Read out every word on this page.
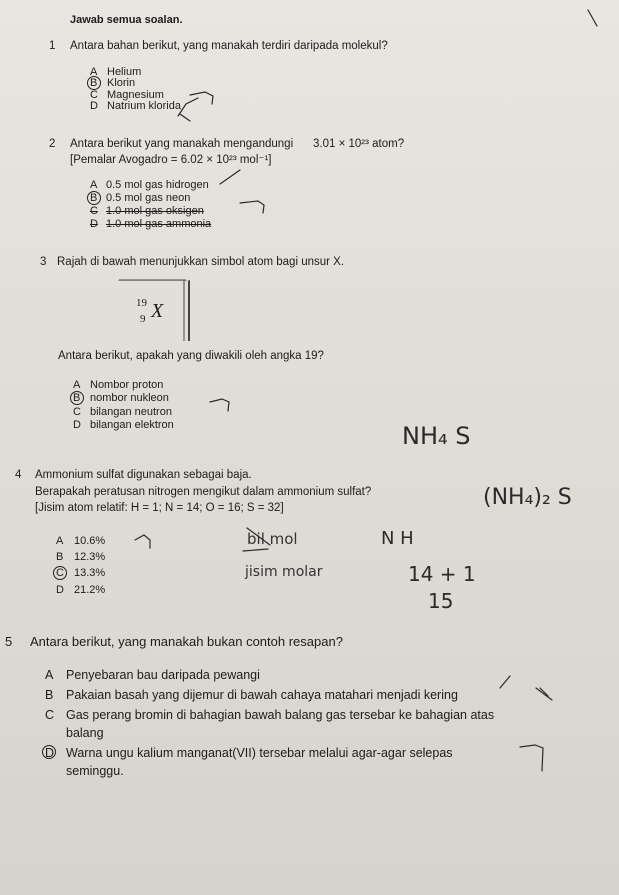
Jawab semua soalan.
1 Antara bahan berikut, yang manakah terdiri daripada molekul?
A Helium
B Klorin
C Magnesium
D Natrium klorida
2 Antara berikut yang manakah mengandungi 3.01 × 10²³ atom?
[Pemalar Avogadro = 6.02 × 10²³ mol⁻¹]
A 0.5 mol gas hidrogen
B 0.5 mol gas neon
C 1.0 mol gas oksigen
D 1.0 mol gas ammonia
3 Rajah di bawah menunjukkan simbol atom bagi unsur X.
19
9 X
Antara berikut, apakah yang diwakili oleh angka 19?
A Nombor proton
B nombor nukleon
C bilangan neutron
D bilangan elektron
4 Ammonium sulfat digunakan sebagai baja.
Berapakah peratusan nitrogen mengikut dalam ammonium sulfat?
[Jisim atom relatif: H = 1; N = 14; O = 16; S = 32]
A 10.6%
B 12.3%
C 13.3%
D 21.2%
5 Antara berikut, yang manakah bukan contoh resapan?
A Penyebaran bau daripada pewangi
B Pakaian basah yang dijemur di bawah cahaya matahari menjadi kering
C Gas perang bromin di bahagian bawah balang gas tersebar ke bahagian atas
balang
D Warna ungu kalium manganat(VII) tersebar melalui agar-agar selepas
seminggu.
NH₄ S
(NH₄)₂ S
N H
bil mol
jisim molar	14 + 1
15
